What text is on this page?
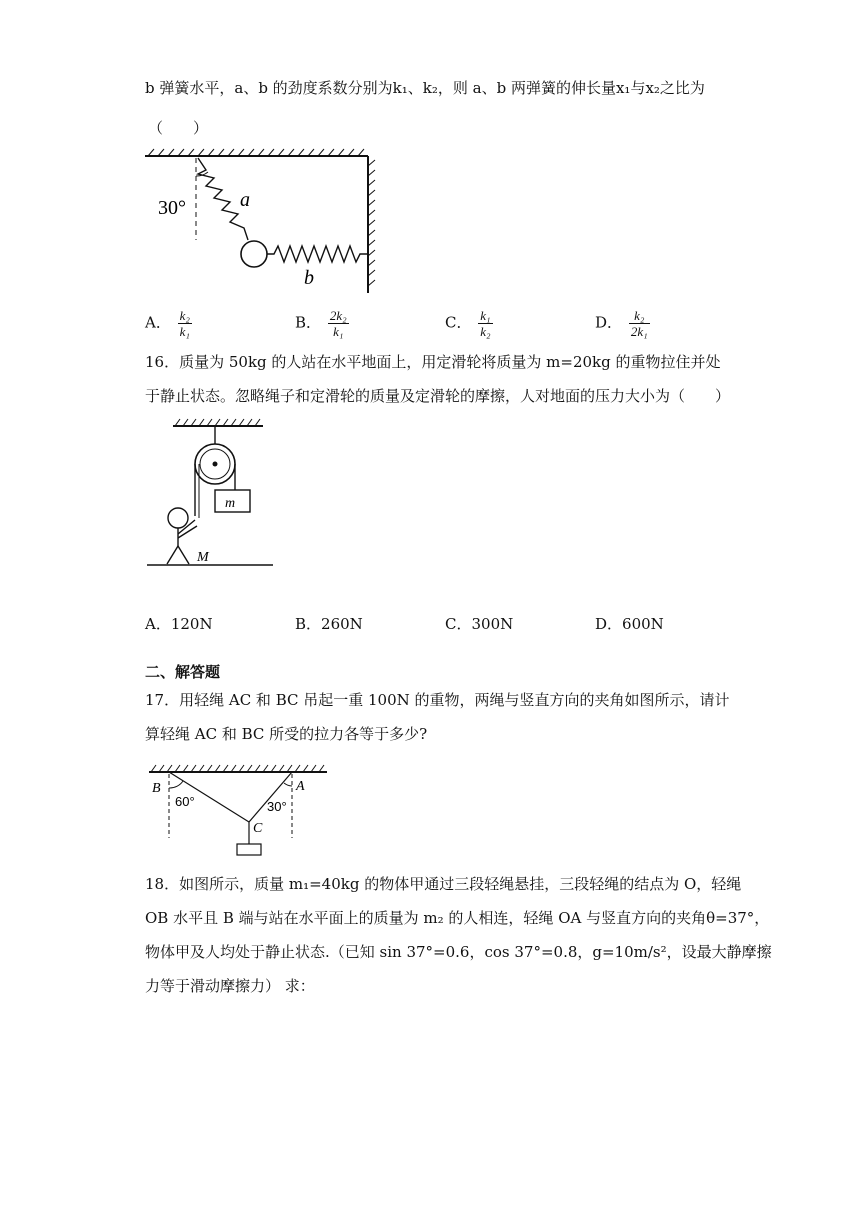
b 弹簧水平，a、b 的劲度系数分别为k₁、k₂，则 a、b 两弹簧的伸长量x₁与x₂之比为
（　　）
30°	a
b
A． $\frac{\text{k₂}}{\text{k₁}}$	B． $\frac{\text{2k₂}}{\text{k₁}}$	C． $\frac{\text{k₁}}{\text{k₂}}$	D． $\frac{\text{k₂}}{\text{2k₁}}$
16．质量为 50kg 的人站在水平地面上，用定滑轮将质量为 m=20kg 的重物拉住并处
于静止状态。忽略绳子和定滑轮的质量及定滑轮的摩擦，人对地面的压力大小为（　　）
m
M
A．120N	B．260N	C．300N	D．600N
二、解答题
17．用轻绳 AC 和 BC 吊起一重 100N 的重物，两绳与竖直方向的夹角如图所示，请计
算轻绳 AC 和 BC 所受的拉力各等于多少?
B	A
C
60°	30°
18．如图所示，质量 m₁=40kg 的物体甲通过三段轻绳悬挂，三段轻绳的结点为 O，轻绳
OB 水平且 B 端与站在水平面上的质量为 m₂ 的人相连，轻绳 OA 与竖直方向的夹角θ=37°，
物体甲及人均处于静止状态.（已知 sin 37°=0.6，cos 37°=0.8，g=10m/s²，设最大静摩擦
力等于滑动摩擦力） 求：
